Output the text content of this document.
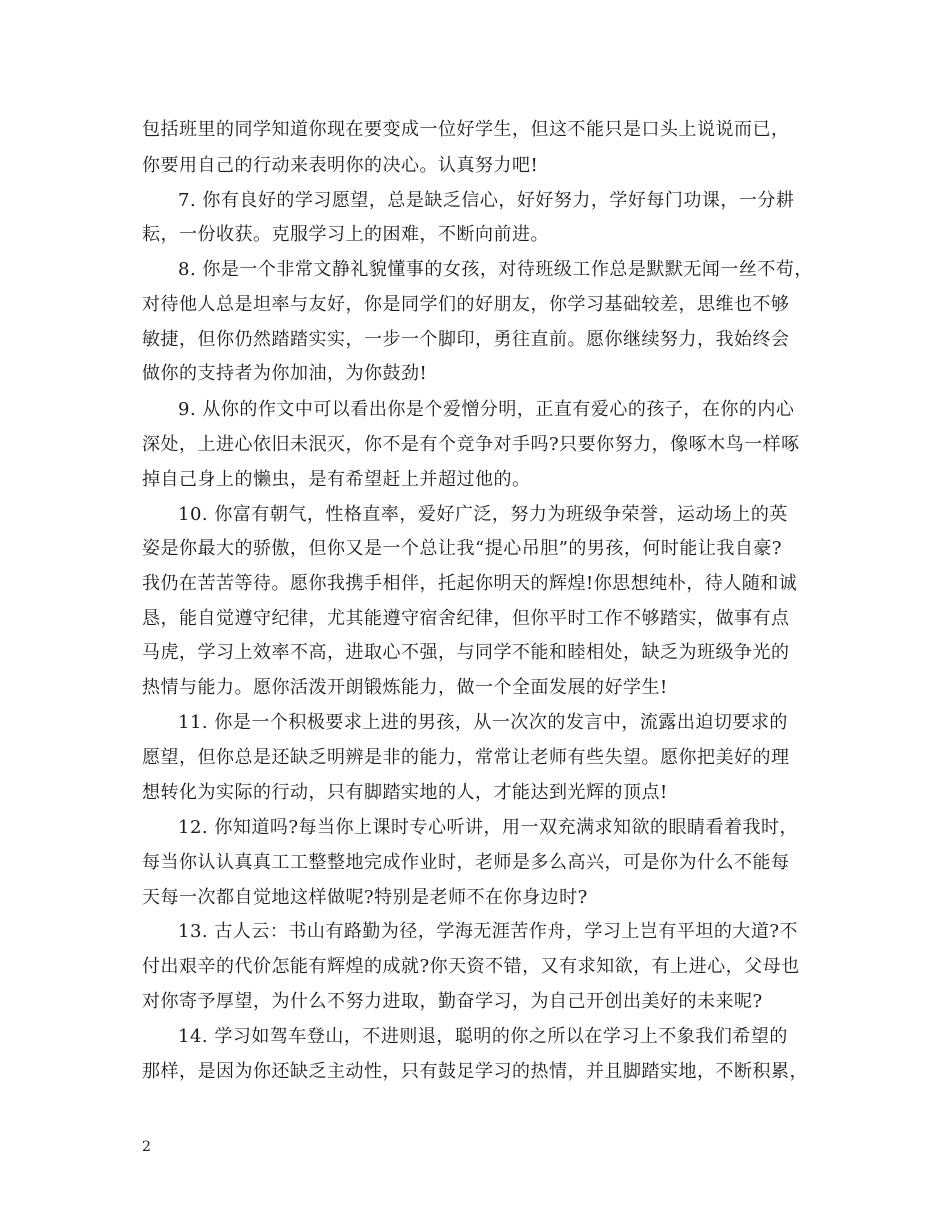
包括班里的同学知道你现在要变成一位好学生，但这不能只是口头上说说而已，
你要用自己的行动来表明你的决心。认真努力吧!
7. 你有良好的学习愿望，总是缺乏信心，好好努力，学好每门功课，一分耕
耘，一份收获。克服学习上的困难，不断向前进。
8. 你是一个非常文静礼貌懂事的女孩，对待班级工作总是默默无闻一丝不苟，
对待他人总是坦率与友好，你是同学们的好朋友，你学习基础较差，思维也不够
敏捷，但你仍然踏踏实实，一步一个脚印，勇往直前。愿你继续努力，我始终会
做你的支持者为你加油，为你鼓劲!
9. 从你的作文中可以看出你是个爱憎分明，正直有爱心的孩子，在你的内心
深处，上进心依旧未泯灭，你不是有个竞争对手吗?只要你努力，像啄木鸟一样啄
掉自己身上的懒虫，是有希望赶上并超过他的。
10. 你富有朝气，性格直率，爱好广泛，努力为班级争荣誉，运动场上的英
姿是你最大的骄傲，但你又是一个总让我“提心吊胆”的男孩，何时能让我自豪?
我仍在苦苦等待。愿你我携手相伴，托起你明天的辉煌!你思想纯朴，待人随和诚
恳，能自觉遵守纪律，尤其能遵守宿舍纪律，但你平时工作不够踏实，做事有点
马虎，学习上效率不高，进取心不强，与同学不能和睦相处，缺乏为班级争光的
热情与能力。愿你活泼开朗锻炼能力，做一个全面发展的好学生!
11. 你是一个积极要求上进的男孩，从一次次的发言中，流露出迫切要求的
愿望，但你总是还缺乏明辨是非的能力，常常让老师有些失望。愿你把美好的理
想转化为实际的行动，只有脚踏实地的人，才能达到光辉的顶点!
12. 你知道吗?每当你上课时专心听讲，用一双充满求知欲的眼睛看着我时，
每当你认认真真工工整整地完成作业时，老师是多么高兴，可是你为什么不能每
天每一次都自觉地这样做呢?特别是老师不在你身边时?
13. 古人云：书山有路勤为径，学海无涯苦作舟，学习上岂有平坦的大道?不
付出艰辛的代价怎能有辉煌的成就?你天资不错，又有求知欲，有上进心，父母也
对你寄予厚望，为什么不努力进取，勤奋学习，为自己开创出美好的未来呢?
14. 学习如驾车登山，不进则退，聪明的你之所以在学习上不象我们希望的
那样，是因为你还缺乏主动性，只有鼓足学习的热情，并且脚踏实地，不断积累，
2
